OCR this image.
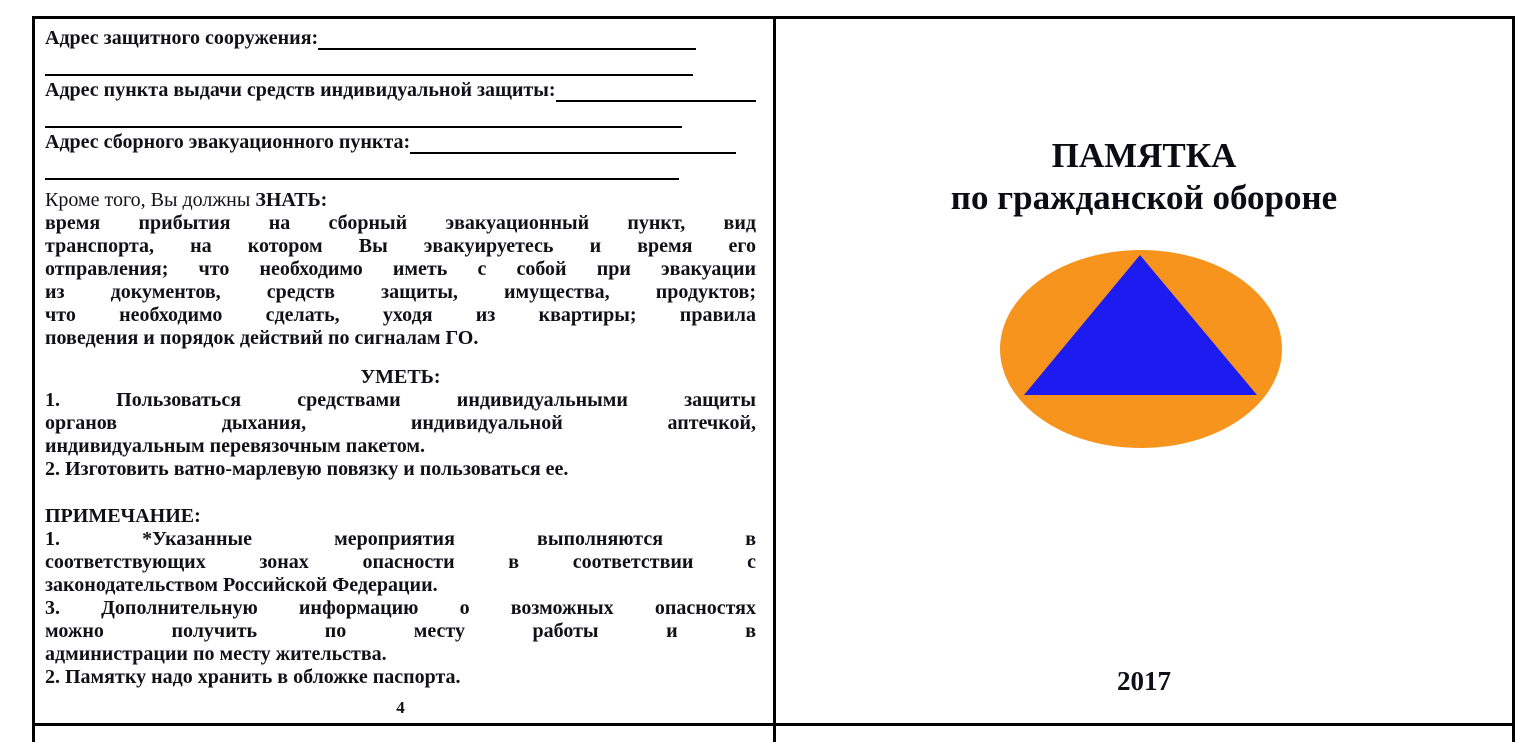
Адрес защитного сооружения:
Адрес пункта выдачи средств индивидуальной защиты:
Адрес сборного эвакуационного пункта:

Кроме того, Вы должны ЗНАТЬ:

время прибытия на сборный эвакуационный пункт, вид
транспорта, на котором Вы эвакуируетесь и время его
отправления; что необходимо иметь с собой при эвакуации
из документов, средств защиты, имущества, продуктов;
что необходимо сделать, уходя из квартиры; правила
поведения и порядок действий по сигналам ГО.
УМЕТЬ:
1. Пользоваться средствами индивидуальными защиты
органов дыхания, индивидуальной аптечкой,
индивидуальным перевязочным пакетом.
2. Изготовить ватно-марлевую повязку и пользоваться ее.
ПРИМЕЧАНИЕ:
1. *Указанные мероприятия выполняются в
соответствующих зонах опасности в соответствии с
законодательством Российской Федерации.
3. Дополнительную информацию о возможных опасностях
можно получить по месту работы и в
администрации по месту жительства.
2. Памятку надо хранить в обложке паспорта.
4
ПАМЯТКА
по гражданской обороне
2017
